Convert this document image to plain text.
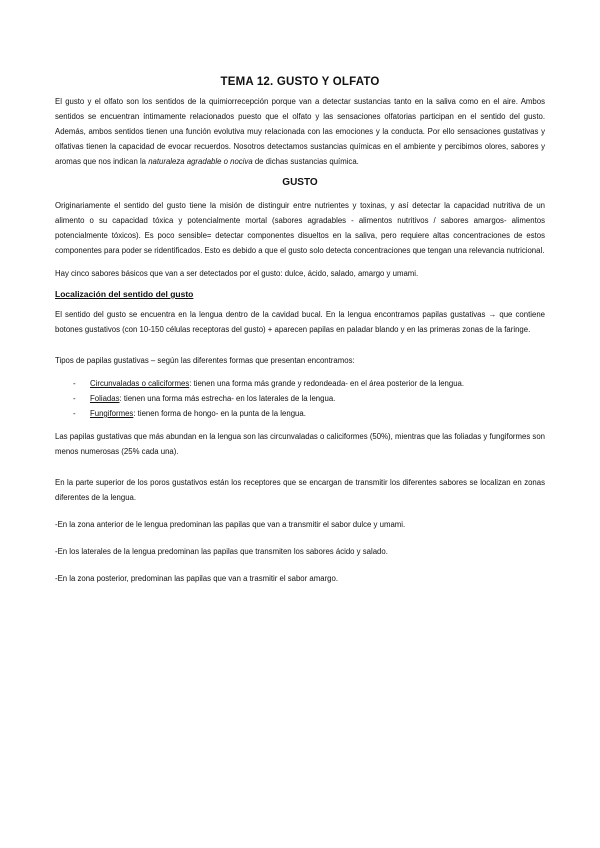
TEMA 12. GUSTO Y OLFATO

El gusto y el olfato son los sentidos de la quimiorrecepción porque van a detectar sustancias tanto en la saliva como en el aire. Ambos sentidos se encuentran íntimamente relacionados puesto que el olfato y las sensaciones olfatorias participan en el sentido del gusto. Además, ambos sentidos tienen una función evolutiva muy relacionada con las emociones y la conducta. Por ello sensaciones gustativas y olfativas tienen la capacidad de evocar recuerdos. Nosotros detectamos sustancias químicas en el ambiente y percibimos olores, sabores y aromas que nos indican la naturaleza agradable o nociva de dichas sustancias química.

GUSTO

Originariamente el sentido del gusto tiene la misión de distinguir entre nutrientes y toxinas, y así detectar la capacidad nutritiva de un alimento o su capacidad tóxica y potencialmente mortal (sabores agradables - alimentos nutritivos / sabores amargos- alimentos potencialmente tóxicos). Es poco sensible= detectar componentes disueltos en la saliva, pero requiere altas concentraciones de estos componentes para poder se ridentificados. Esto es debido a que el gusto solo detecta concentraciones que tengan una relevancia nutricional.

Hay cinco sabores básicos que van a ser detectados por el gusto: dulce, ácido, salado, amargo y umami.

Localización del sentido del gusto

El sentido del gusto se encuentra en la lengua dentro de la cavidad bucal. En la lengua encontramos papilas gustativas → que contiene botones gustativos (con 10-150 células receptoras del gusto) + aparecen papilas en paladar blando y en las primeras zonas de la faringe.

Tipos de papilas gustativas – según las diferentes formas que presentan encontramos:

- Circunvaladas o caliciformes: tienen una forma más grande y redondeada- en el área posterior de la lengua.
- Foliadas: tienen una forma más estrecha- en los laterales de la lengua.
- Fungiformes: tienen forma de hongo- en la punta de la lengua.

Las papilas gustativas que más abundan en la lengua son las circunvaladas o caliciformes (50%), mientras que las foliadas y fungiformes son menos numerosas (25% cada una).

En la parte superior de los poros gustativos están los receptores que se encargan de transmitir los diferentes sabores se localizan en zonas diferentes de la lengua.

-En la zona anterior de le lengua predominan las papilas que van a transmitir el sabor dulce y umami.

-En los laterales de la lengua predominan las papilas que transmiten los sabores ácido y salado.

-En la zona posterior, predominan las papilas que van a trasmitir el sabor amargo.
